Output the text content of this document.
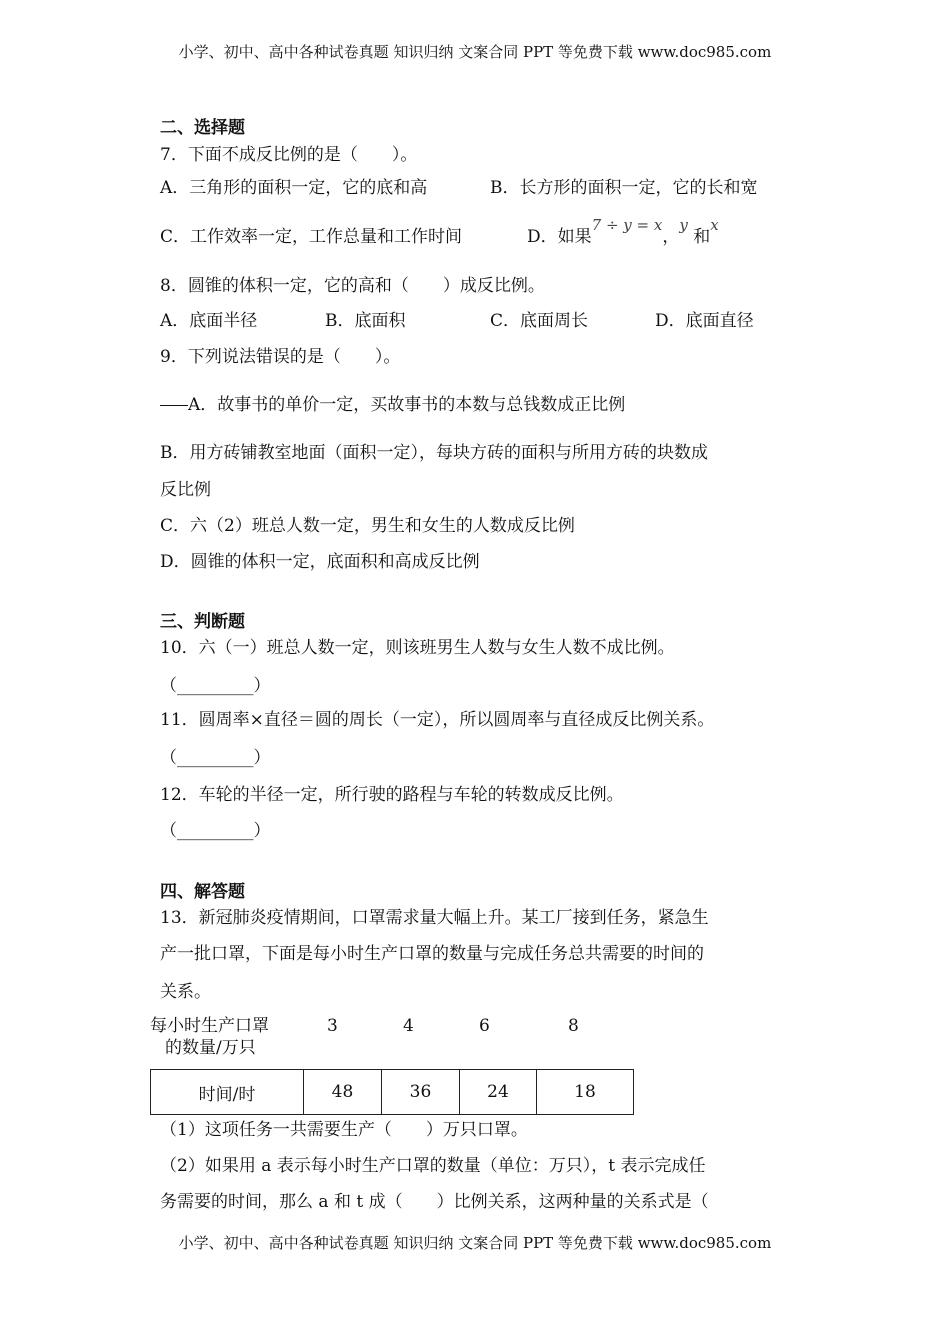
小学、初中、高中各种试卷真题 知识归纳 文案合同 PPT 等免费下载 www.doc985.com
二、选择题
7．下面不成反比例的是（　　）。
A．三角形的面积一定，它的底和高	B．长方形的面积一定，它的长和宽
C．工作效率一定，工作总量和工作时间	D．如果7 ÷ y = x，y 和x
8．圆锥的体积一定，它的高和（　　）成反比例。
A．底面半径	B．底面积	C．底面周长	D．底面直径
9．下列说法错误的是（　　）。
A．故事书的单价一定，买故事书的本数与总钱数成正比例
B．用方砖铺教室地面（面积一定），每块方砖的面积与所用方砖的块数成
反比例
C．六（2）班总人数一定，男生和女生的人数成反比例
D．圆锥的体积一定，底面积和高成反比例
三、判断题
10．六（一）班总人数一定，则该班男生人数与女生人数不成比例。
（_________）
11．圆周率×直径＝圆的周长（一定），所以圆周率与直径成反比例关系。
（_________）
12．车轮的半径一定，所行驶的路程与车轮的转数成反比例。
（_________）
四、解答题
13．新冠肺炎疫情期间，口罩需求量大幅上升。某工厂接到任务，紧急生
产一批口罩，下面是每小时生产口罩的数量与完成任务总共需要的时间的
关系。
每小时生产口罩
的数量/万只
3	4	6	8
时间/时	48	36	24	18
（1）这项任务一共需要生产（　　）万只口罩。
（2）如果用 a 表示每小时生产口罩的数量（单位：万只），t 表示完成任
务需要的时间，那么 a 和 t 成（　　）比例关系，这两种量的关系式是（
小学、初中、高中各种试卷真题 知识归纳 文案合同 PPT 等免费下载 www.doc985.com
